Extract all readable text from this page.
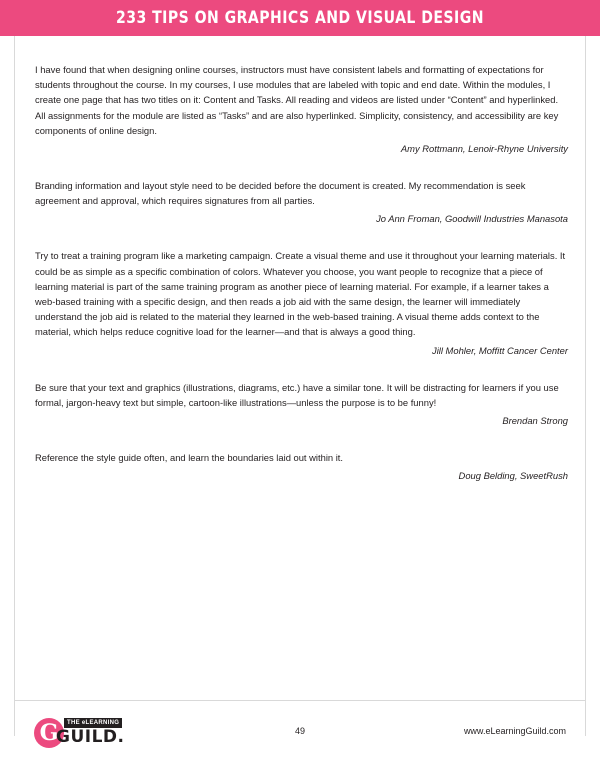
233 TIPS ON GRAPHICS AND VISUAL DESIGN

I have found that when designing online courses, instructors must have consistent labels and formatting of expectations for students throughout the course. In my courses, I use modules that are labeled with topic and end date. Within the modules, I create one page that has two titles on it: Content and Tasks. All reading and videos are listed under “Content” and hyperlinked. All assignments for the module are listed as “Tasks” and are also hyperlinked. Simplicity, consistency, and accessibility are key components of online design.

Amy Rottmann, Lenoir-Rhyne University

Branding information and layout style need to be decided before the document is created. My recommendation is seek agreement and approval, which requires signatures from all parties.

Jo Ann Froman, Goodwill Industries Manasota

Try to treat a training program like a marketing campaign. Create a visual theme and use it throughout your learning materials. It could be as simple as a specific combination of colors. Whatever you choose, you want people to recognize that a piece of learning material is part of the same training program as another piece of learning material. For example, if a learner takes a web-based training with a specific design, and then reads a job aid with the same design, the learner will immediately understand the job aid is related to the material they learned in the web-based training. A visual theme adds context to the material, which helps reduce cognitive load for the learner—and that is always a good thing.

Jill Mohler, Moffitt Cancer Center

Be sure that your text and graphics (illustrations, diagrams, etc.) have a similar tone. It will be distracting for learners if you use formal, jargon-heavy text but simple, cartoon-like illustrations—unless the purpose is to be funny!

Brendan Strong

Reference the style guide often, and learn the boundaries laid out within it.

Doug Belding, SweetRush

G	THE eLEARNING
GUILD.	49	www.eLearningGuild.com
